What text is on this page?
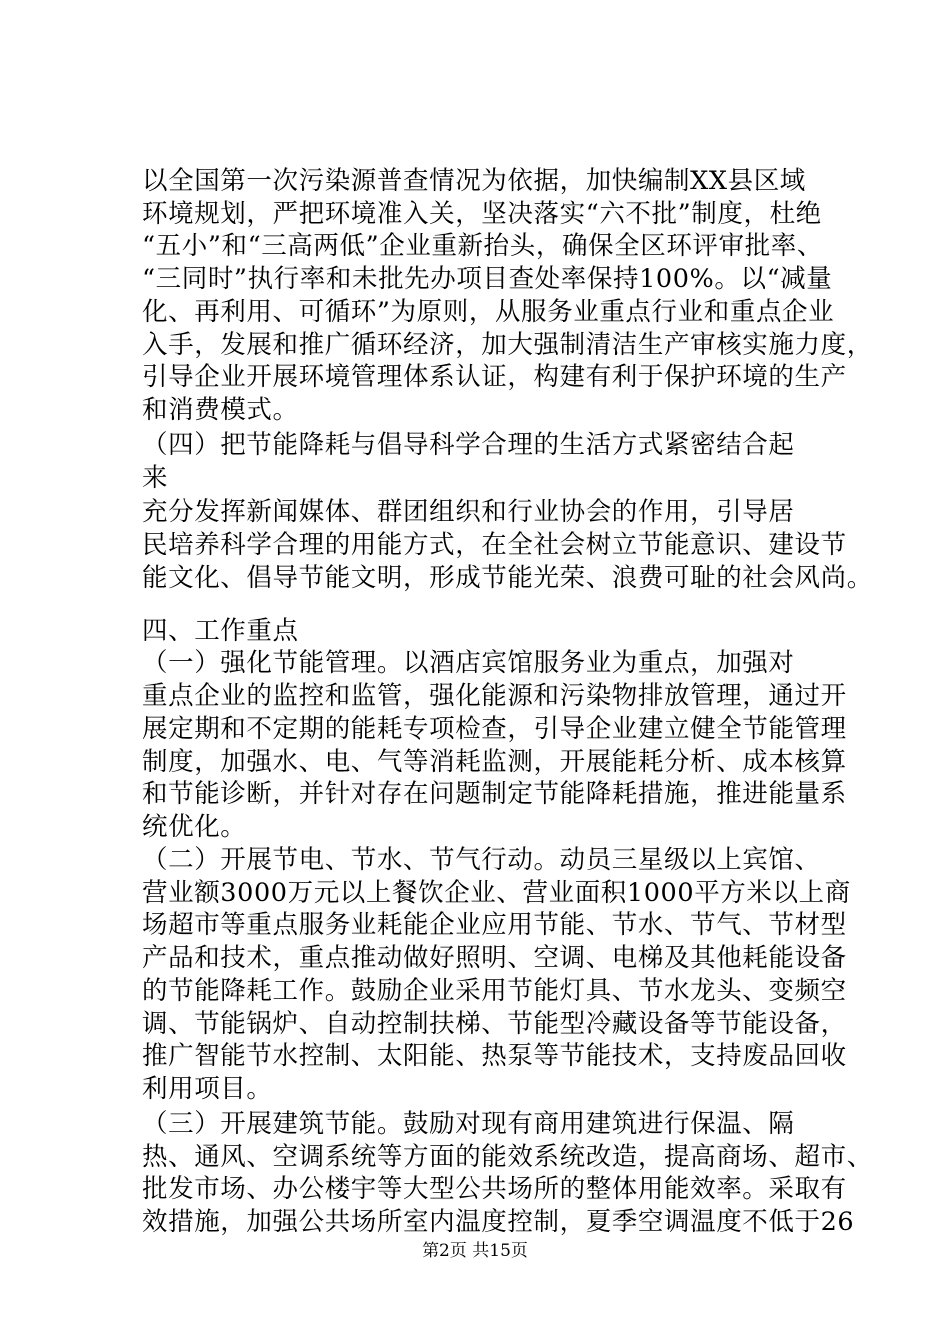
以全国第一次污染源普查情况为依据，加快编制XX县区域
环境规划，严把环境准入关，坚决落实“六不批”制度，杜绝
“五小”和“三高两低”企业重新抬头，确保全区环评审批率、
“三同时”执行率和未批先办项目查处率保持100%。以“减量
化、再利用、可循环”为原则，从服务业重点行业和重点企业
入手，发展和推广循环经济，加大强制清洁生产审核实施力度，
引导企业开展环境管理体系认证，构建有利于保护环境的生产
和消费模式。
（四）把节能降耗与倡导科学合理的生活方式紧密结合起
来
充分发挥新闻媒体、群团组织和行业协会的作用，引导居
民培养科学合理的用能方式，在全社会树立节能意识、建设节
能文化、倡导节能文明，形成节能光荣、浪费可耻的社会风尚。
四、工作重点
（一）强化节能管理。以酒店宾馆服务业为重点，加强对
重点企业的监控和监管，强化能源和污染物排放管理，通过开
展定期和不定期的能耗专项检查，引导企业建立健全节能管理
制度，加强水、电、气等消耗监测，开展能耗分析、成本核算
和节能诊断，并针对存在问题制定节能降耗措施，推进能量系
统优化。
（二）开展节电、节水、节气行动。动员三星级以上宾馆、
营业额3000万元以上餐饮企业、营业面积1000平方米以上商
场超市等重点服务业耗能企业应用节能、节水、节气、节材型
产品和技术，重点推动做好照明、空调、电梯及其他耗能设备
的节能降耗工作。鼓励企业采用节能灯具、节水龙头、变频空
调、节能锅炉、自动控制扶梯、节能型冷藏设备等节能设备，
推广智能节水控制、太阳能、热泵等节能技术，支持废品回收
利用项目。
（三）开展建筑节能。鼓励对现有商用建筑进行保温、隔
热、通风、空调系统等方面的能效系统改造，提高商场、超市、
批发市场、办公楼宇等大型公共场所的整体用能效率。采取有
效措施，加强公共场所室内温度控制，夏季空调温度不低于26
第2页 共15页
